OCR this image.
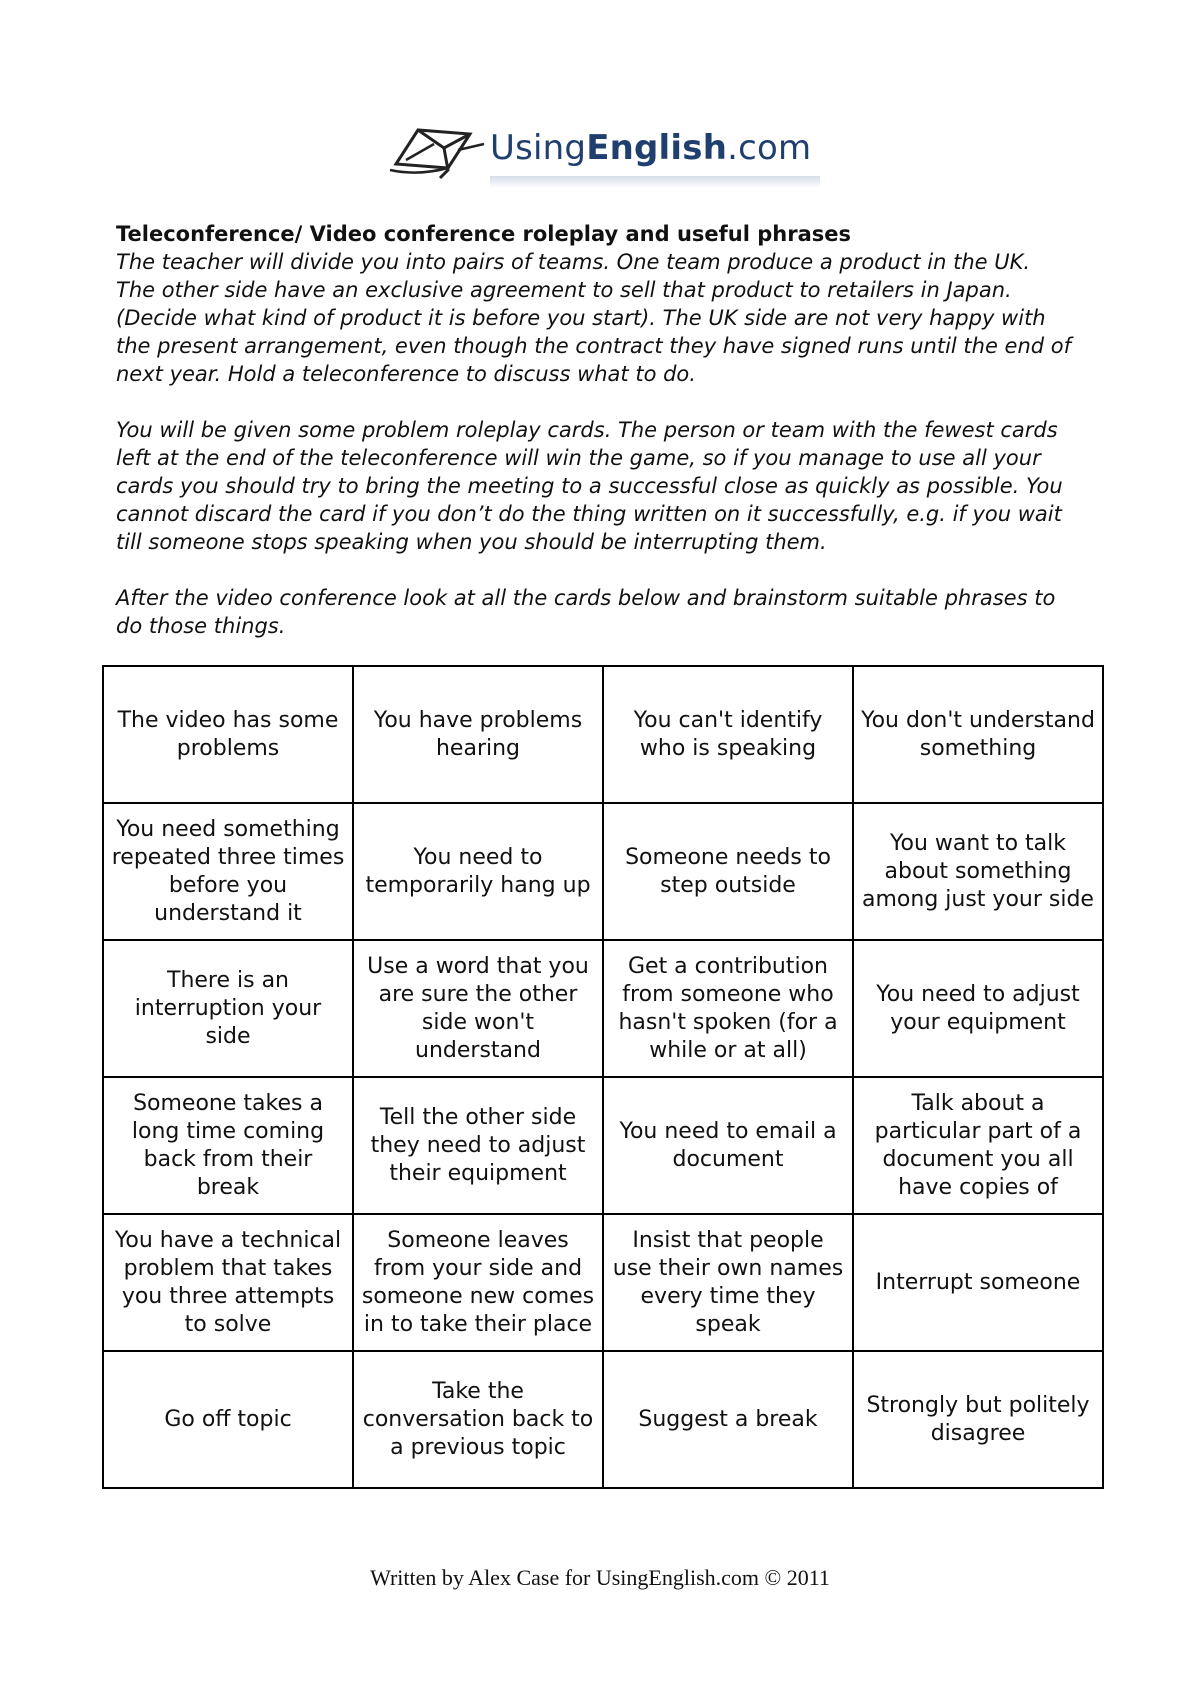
UsingEnglish.com
Teleconference/ Video conference roleplay and useful phrases

The teacher will divide you into pairs of teams. One team produce a product in the UK.
The other side have an exclusive agreement to sell that product to retailers in Japan.
(Decide what kind of product it is before you start). The UK side are not very happy with
the present arrangement, even though the contract they have signed runs until the end of
next year. Hold a teleconference to discuss what to do.

You will be given some problem roleplay cards. The person or team with the fewest cards
left at the end of the teleconference will win the game, so if you manage to use all your
cards you should try to bring the meeting to a successful close as quickly as possible. You
cannot discard the card if you don’t do the thing written on it successfully, e.g. if you wait
till someone stops speaking when you should be interrupting them.

After the video conference look at all the cards below and brainstorm suitable phrases to
do those things.

The video has some problems	You have problems hearing	You can't identify who is speaking	You don't understand something
You need something repeated three times before you understand it	You need to temporarily hang up	Someone needs to step outside	You want to talk about something among just your side
There is an interruption your side	Use a word that you are sure the other side won't understand	Get a contribution from someone who hasn't spoken (for a while or at all)	You need to adjust your equipment
Someone takes a long time coming back from their break	Tell the other side they need to adjust their equipment	You need to email a document	Talk about a particular part of a document you all have copies of
You have a technical problem that takes you three attempts to solve	Someone leaves from your side and someone new comes in to take their place	Insist that people use their own names every time they speak	Interrupt someone
Go off topic	Take the conversation back to a previous topic	Suggest a break	Strongly but politely disagree
Written by Alex Case for UsingEnglish.com © 2011
